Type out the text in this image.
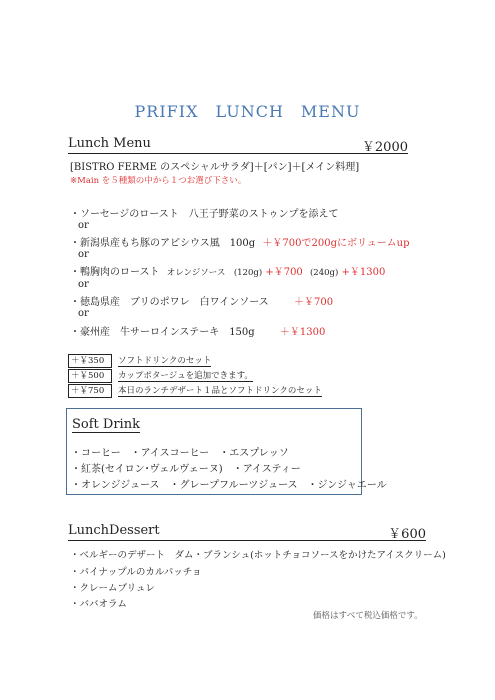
PRIFIX　LUNCH　MENU
Lunch Menu	￥2000
[BISTRO FERME のスペシャルサラダ]＋[パン]＋[メイン料理]
※Main を５種類の中から１つお選び下さい。
・ソーセージのロースト　八王子野菜のストゥンプを添えて
or
・新潟県産もち豚のアピシウス風　100g ＋￥700で200gにボリュームup
or
・鴨胸肉のロースト オレンジソース　(120g) +￥700 (240g) +￥1300
or
・徳島県産　ブリのポワレ　白ワインソース	＋￥700
or
・豪州産　牛サーロインステーキ　150g	＋￥1300
＋￥350 ソフトドリンクのセット
＋￥500 カップポタージュを追加できます。
＋￥750 本日のランチデザート１品とソフトドリンクのセット
Soft Drink
・コーヒー　・アイスコーヒー　・エスプレッソ
・紅茶(セイロン･ヴェルヴェーヌ)　・アイスティー
・オレンジジュース　・グレープフルーツジュース　・ジンジャエール
LunchDessert	￥600
・ベルギーのデザート　ダム・ブランシュ(ホットチョコソースをかけたアイスクリーム)
・パイナップルのカルパッチョ
・クレームブリュレ
・ババオラム
価格はすべて税込価格です。
